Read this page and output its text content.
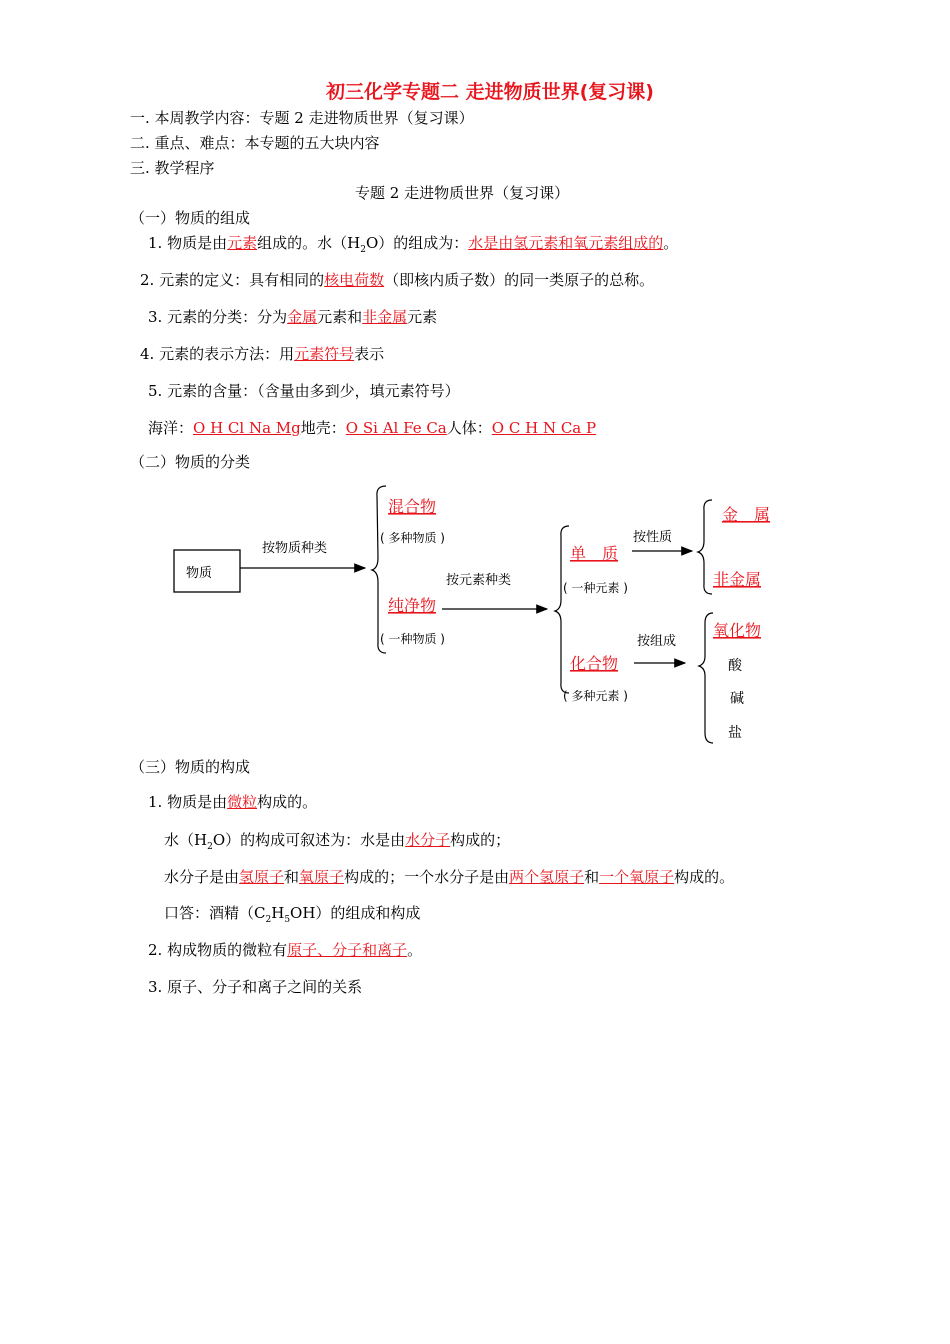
初三化学专题二 走进物质世界(复习课)
一. 本周教学内容：专题 2 走进物质世界（复习课）
二. 重点、难点：本专题的五大块内容
三. 教学程序
专题 2 走进物质世界（复习课）
（一）物质的组成
1. 物质是由元素组成的。水$(H_2O)$的组成为：水是由氢元素和氧元素组成的。
2. 元素的定义：具有相同的核电荷数（即核内质子数）的同一类原子的总称。
3. 元素的分类：分为金属元素和非金属元素
4. 元素的表示方法：用元素符号表示
5. 元素的含量：（含量由多到少，填元素符号）
海洋：O H Cl Na Mg地壳：O Si Al Fe Ca人体：O C H N Ca P
（二）物质的分类
物质
按物质种类
混合物
( 多种物质 )
纯净物
( 一种物质 )
按元素种类
单　质
( 一种元素 )
化合物
( 多种元素 )
按性质
金　属
非金属
按组成
氧化物
酸
碱
盐
（三）物质的构成
1. 物质是由微粒构成的。
水$(H_2O)$的构成可叙述为：水是由水分子构成的；
水分子是由氢原子和氧原子构成的；一个水分子是由两个氢原子和一个氧原子构成的。
口答：酒精$(C_2H_5OH)$的组成和构成
2. 构成物质的微粒有原子、分子和离子。
3. 原子、分子和离子之间的关系
